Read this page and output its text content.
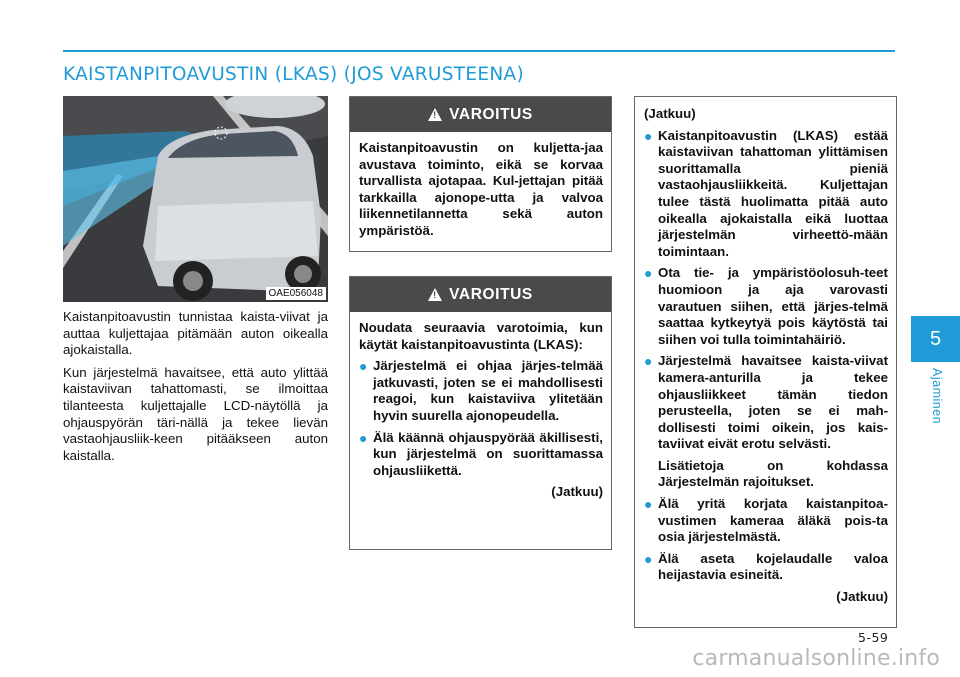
KAISTANPITOAVUSTIN (LKAS) (JOS VARUSTEENA)
OAE056048

Kaistanpitoavustin tunnistaa kaista-viivat ja auttaa kuljettajaa pitämään auton oikealla ajokaistalla.

Kun järjestelmä havaitsee, että auto ylittää kaistaviivan tahattomasti, se ilmoittaa tilanteesta kuljettajalle LCD-näytöllä ja ohjauspyörän täri-nällä ja tekee lievän vastaohjausliik-keen pitääkseen auton kaistalla.

! VAROITUS

Kaistanpitoavustin on kuljetta-jaa avustava toiminto, eikä se korvaa turvallista ajotapaa. Kul-jettajan pitää tarkkailla ajonope-utta ja valvoa liikennetilannetta sekä auton ympäristöä.

! VAROITUS

Noudata seuraavia varotoimia, kun käytät kaistanpitoavustinta (LKAS):

● Järjestelmä ei ohjaa järjes-telmää jatkuvasti, joten se ei mahdollisesti reagoi, kun kaistaviiva ylitetään hyvin suurella ajonopeudella.
● Älä käännä ohjauspyörää äkillisesti, kun järjestelmä on suorittamassa ohjausliikettä.

(Jatkuu)

(Jatkuu)

● Kaistanpitoavustin (LKAS) estää kaistaviivan tahattoman ylittämisen suorittamalla pieniä vastaohjausliikkeitä. Kuljettajan tulee tästä huolimatta pitää auto oikealla ajokaistalla eikä luottaa järjestelmän virheettö-mään toimintaan.
● Ota tie- ja ympäristöolosuh-teet huomioon ja aja varovasti varautuen siihen, että järjes-telmä saattaa kytkeytyä pois käytöstä tai siihen voi tulla toimintahäiriö.
● Järjestelmä havaitsee kaista-viivat kamera-anturilla ja tekee ohjausliikkeet tämän tiedon perusteella, joten se ei mah-dollisesti toimi oikein, jos kais-taviivat eivät erotu selvästi.

Lisätietoja on kohdassa Järjestelmän rajoitukset.

● Älä yritä korjata kaistanpitoa-vustimen kameraa äläkä pois-ta osia järjestelmästä.
● Älä aseta kojelaudalle valoa heijastavia esineitä.

(Jatkuu)

5
Ajaminen
5-59
carmanualsonline.info
